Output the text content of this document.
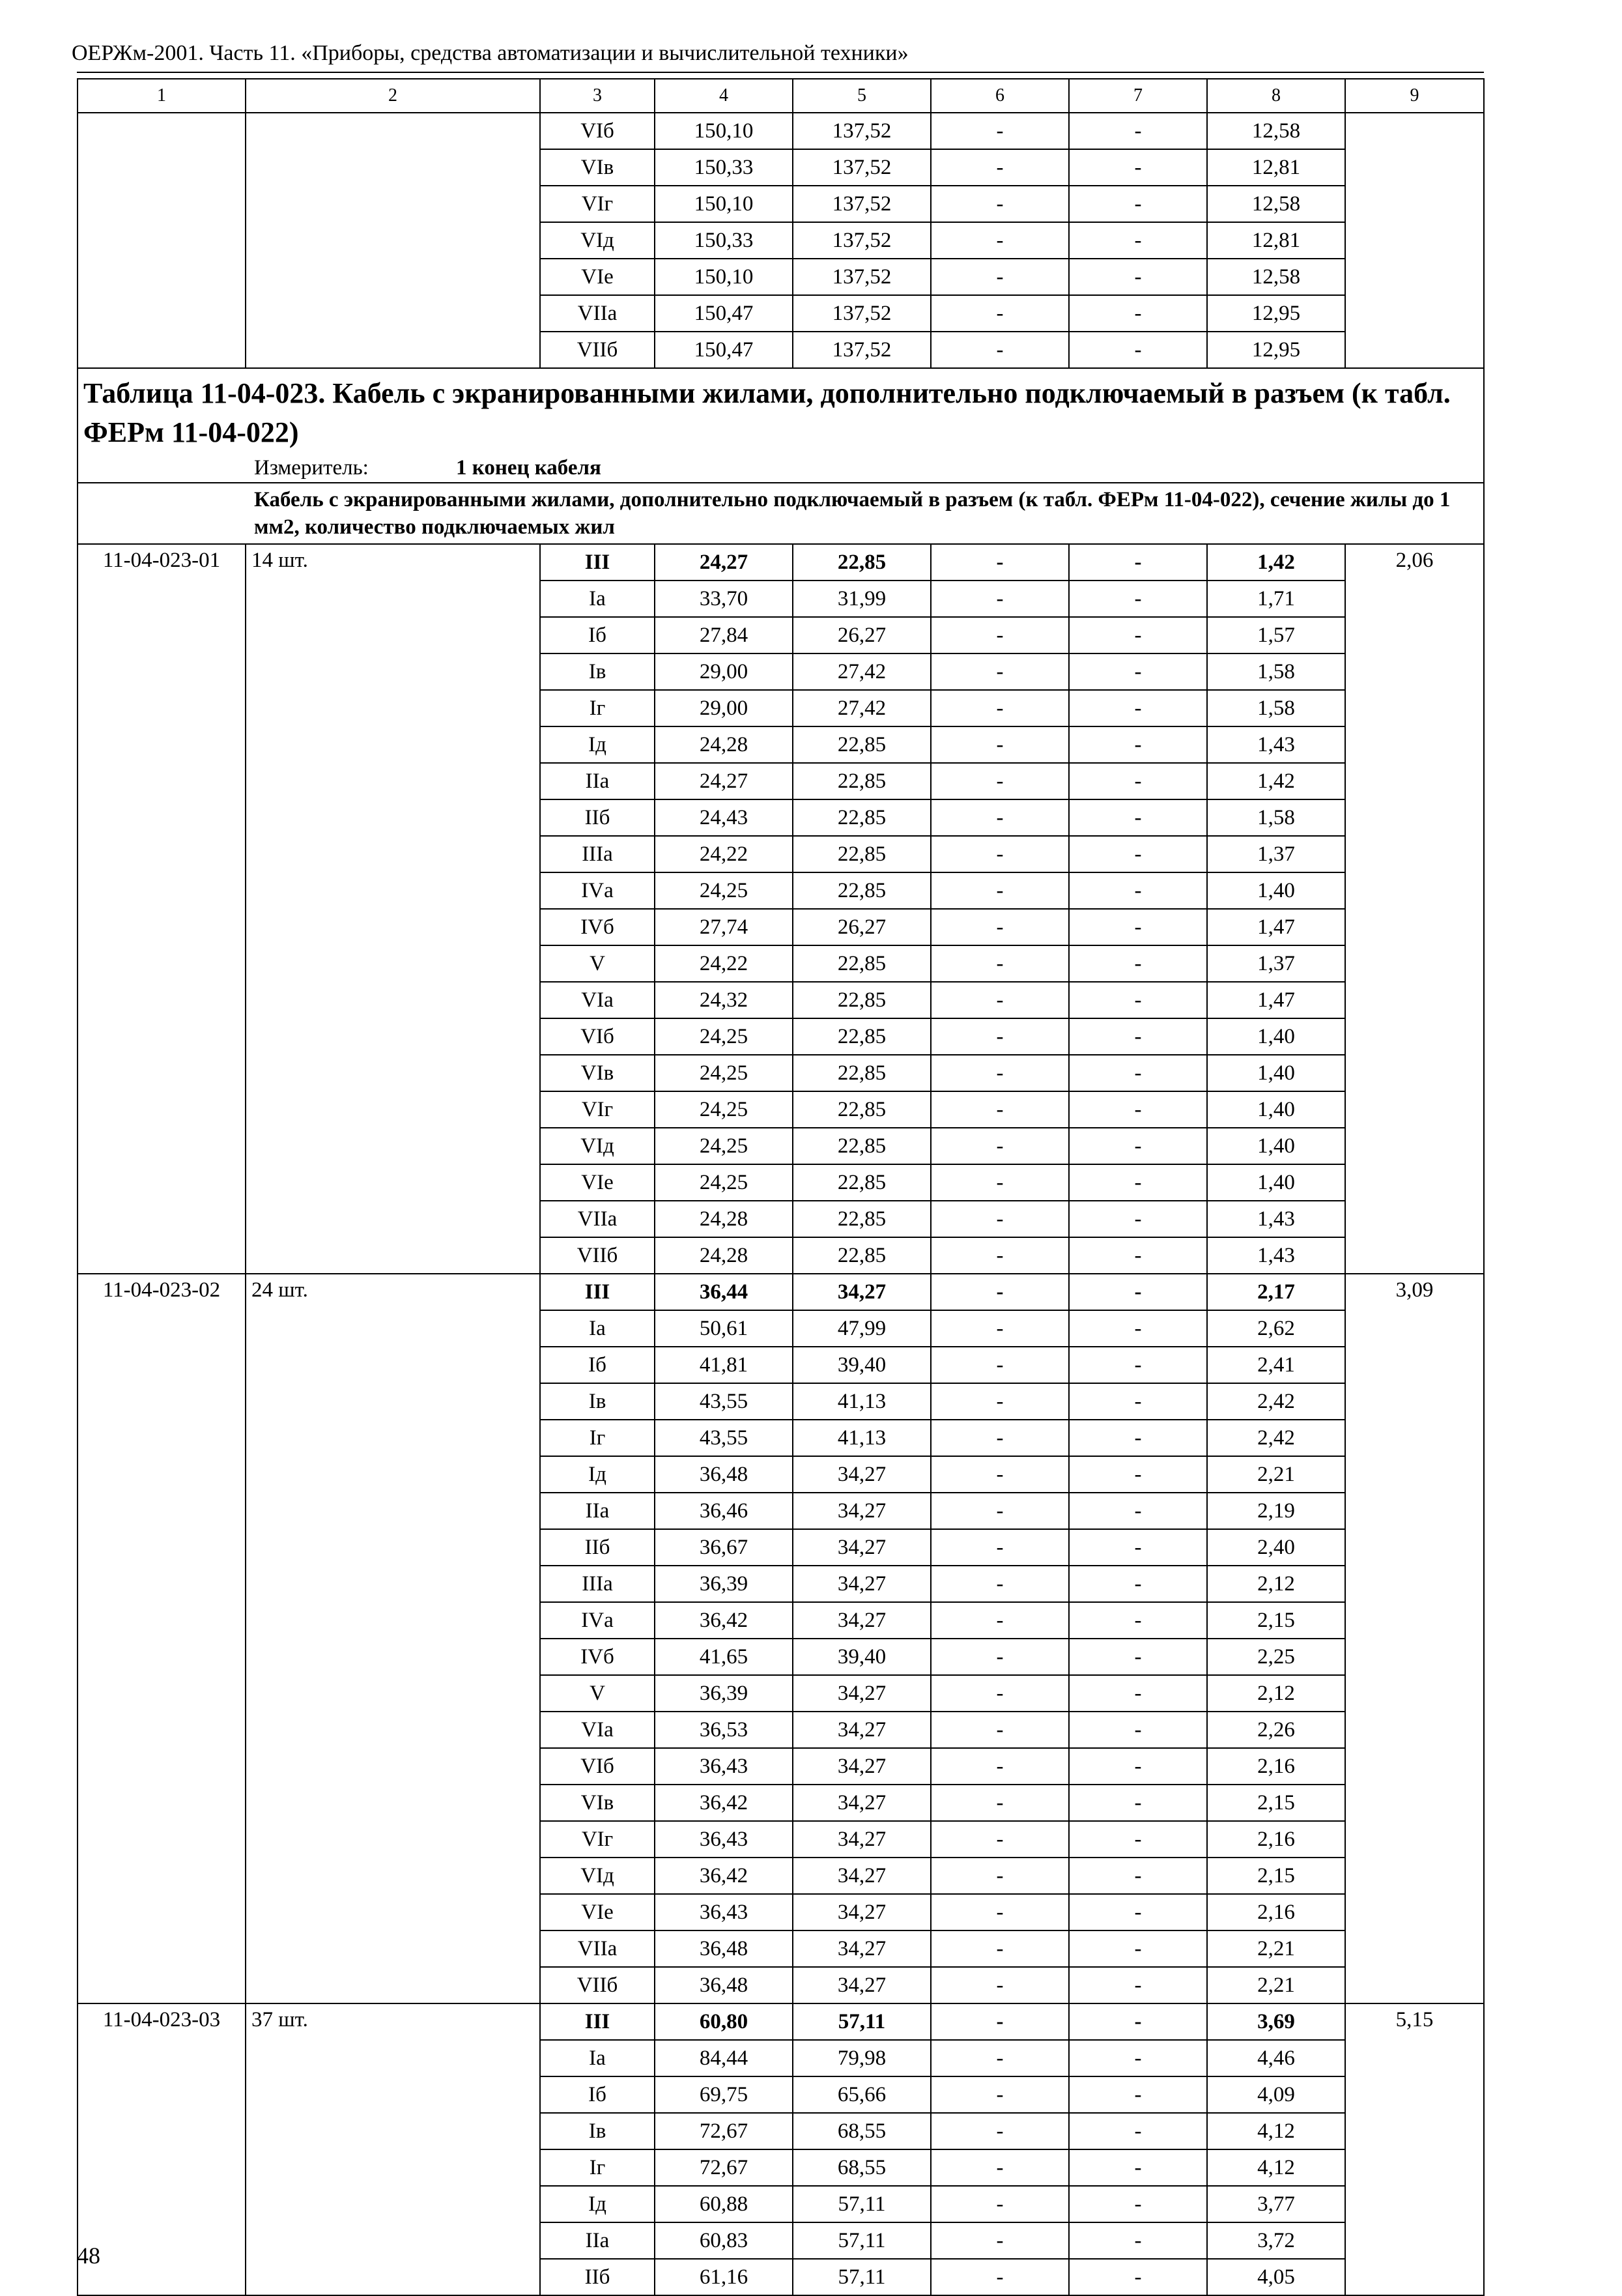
ОЕРЖм-2001. Часть 11. «Приборы, средства автоматизации и вычислительной техники»
1	2	3	4	5	6	7	8	9
		VIб	150,10	137,52	-	-	12,58	
		VIв	150,33	137,52	-	-	12,81	
		VIг	150,10	137,52	-	-	12,58	
		VIд	150,33	137,52	-	-	12,81	
		VIе	150,10	137,52	-	-	12,58	
		VIIа	150,47	137,52	-	-	12,95	
		VIIб	150,47	137,52	-	-	12,95	

Таблица 11-04-023. Кабель с экранированными жилами, дополнительно подключаемый в разъем (к табл. ФЕРм 11-04-022)
Измеритель: 1 конец кабеля								

Кабель с экранированными жилами, дополнительно подключаемый в разъем (к табл. ФЕРм 11-04-022), сечение жилы до 1 мм2, количество подключаемых жил								
11-04-023-01	14 шт.	III	24,27	22,85	-	-	1,42	2,06
		Iа	33,70	31,99	-	-	1,71	
		Iб	27,84	26,27	-	-	1,57	
		Iв	29,00	27,42	-	-	1,58	
		Iг	29,00	27,42	-	-	1,58	
		Iд	24,28	22,85	-	-	1,43	
		IIа	24,27	22,85	-	-	1,42	
		IIб	24,43	22,85	-	-	1,58	
		IIIа	24,22	22,85	-	-	1,37	
		IVа	24,25	22,85	-	-	1,40	
		IVб	27,74	26,27	-	-	1,47	
		V	24,22	22,85	-	-	1,37	
		VIа	24,32	22,85	-	-	1,47	
		VIб	24,25	22,85	-	-	1,40	
		VIв	24,25	22,85	-	-	1,40	
		VIг	24,25	22,85	-	-	1,40	
		VIд	24,25	22,85	-	-	1,40	
		VIе	24,25	22,85	-	-	1,40	
		VIIа	24,28	22,85	-	-	1,43	
		VIIб	24,28	22,85	-	-	1,43	
11-04-023-02	24 шт.	III	36,44	34,27	-	-	2,17	3,09
		Iа	50,61	47,99	-	-	2,62	
		Iб	41,81	39,40	-	-	2,41	
		Iв	43,55	41,13	-	-	2,42	
		Iг	43,55	41,13	-	-	2,42	
		Iд	36,48	34,27	-	-	2,21	
		IIа	36,46	34,27	-	-	2,19	
		IIб	36,67	34,27	-	-	2,40	
		IIIа	36,39	34,27	-	-	2,12	
		IVа	36,42	34,27	-	-	2,15	
		IVб	41,65	39,40	-	-	2,25	
		V	36,39	34,27	-	-	2,12	
		VIа	36,53	34,27	-	-	2,26	
		VIб	36,43	34,27	-	-	2,16	
		VIв	36,42	34,27	-	-	2,15	
		VIг	36,43	34,27	-	-	2,16	
		VIд	36,42	34,27	-	-	2,15	
		VIе	36,43	34,27	-	-	2,16	
		VIIа	36,48	34,27	-	-	2,21	
		VIIб	36,48	34,27	-	-	2,21	
11-04-023-03	37 шт.	III	60,80	57,11	-	-	3,69	5,15
		Iа	84,44	79,98	-	-	4,46	
		Iб	69,75	65,66	-	-	4,09	
		Iв	72,67	68,55	-	-	4,12	
		Iг	72,67	68,55	-	-	4,12	
		Iд	60,88	57,11	-	-	3,77	
		IIа	60,83	57,11	-	-	3,72	
		IIб	61,16	57,11	-	-	4,05	
48
